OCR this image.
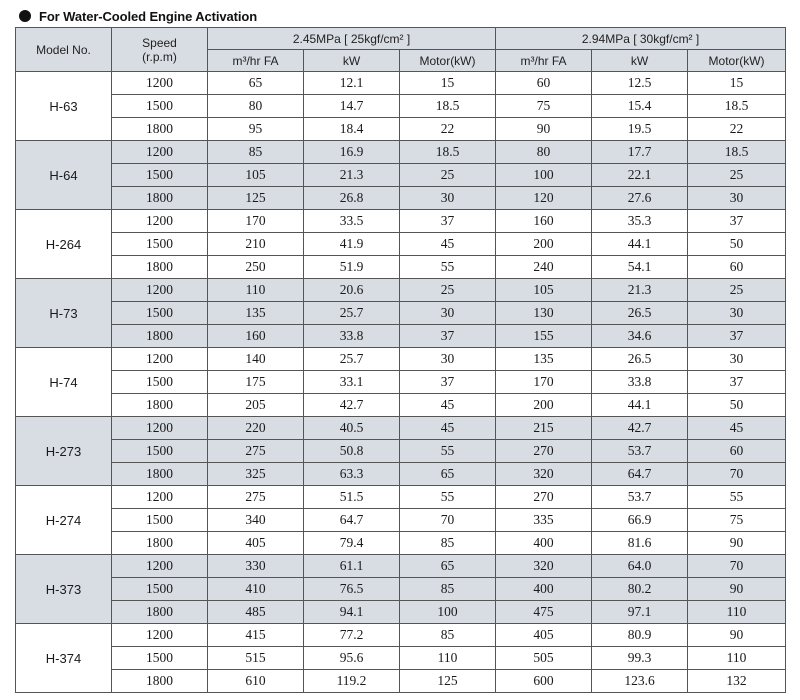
For Water-Cooled Engine Activation
Model No.	Speed
(r.p.m)	2.45MPa [ 25kgf/cm² ]			2.94MPa [ 30kgf/cm² ]		
		m³/hr FA	kW	Motor(kW)	m³/hr FA	kW	Motor(kW)
H-63	1200	65	12.1	15	60	12.5	15
	1500	80	14.7	18.5	75	15.4	18.5
	1800	95	18.4	22	90	19.5	22
H-64	1200	85	16.9	18.5	80	17.7	18.5
	1500	105	21.3	25	100	22.1	25
	1800	125	26.8	30	120	27.6	30
H-264	1200	170	33.5	37	160	35.3	37
	1500	210	41.9	45	200	44.1	50
	1800	250	51.9	55	240	54.1	60
H-73	1200	110	20.6	25	105	21.3	25
	1500	135	25.7	30	130	26.5	30
	1800	160	33.8	37	155	34.6	37
H-74	1200	140	25.7	30	135	26.5	30
	1500	175	33.1	37	170	33.8	37
	1800	205	42.7	45	200	44.1	50
H-273	1200	220	40.5	45	215	42.7	45
	1500	275	50.8	55	270	53.7	60
	1800	325	63.3	65	320	64.7	70
H-274	1200	275	51.5	55	270	53.7	55
	1500	340	64.7	70	335	66.9	75
	1800	405	79.4	85	400	81.6	90
H-373	1200	330	61.1	65	320	64.0	70
	1500	410	76.5	85	400	80.2	90
	1800	485	94.1	100	475	97.1	110
H-374	1200	415	77.2	85	405	80.9	90
	1500	515	95.6	110	505	99.3	110
	1800	610	119.2	125	600	123.6	132
